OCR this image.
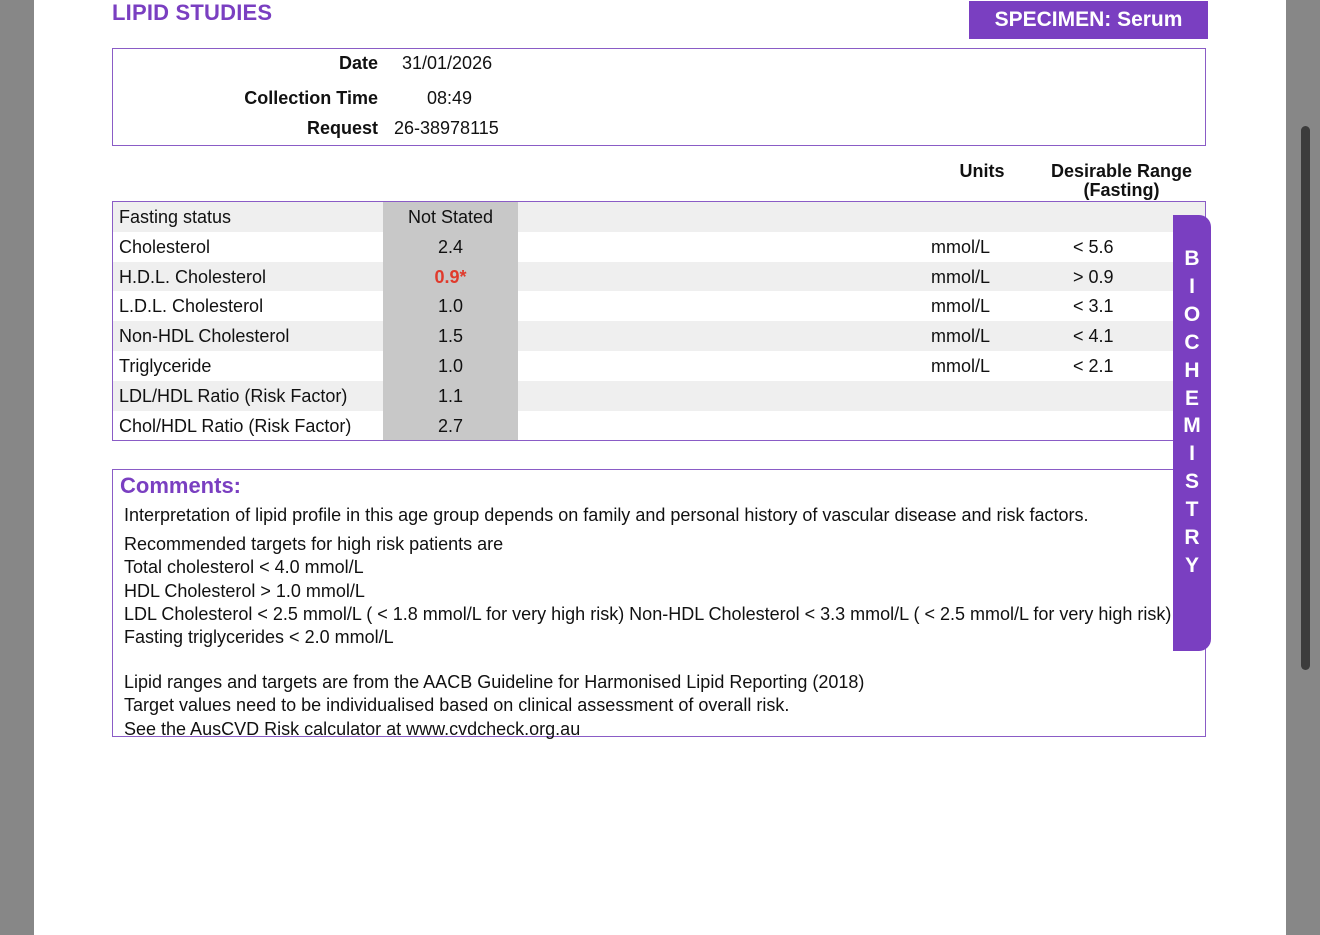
LIPID STUDIES	SPECIMEN: Serum
Date 31/01/2026
Collection Time	08:49
Request 26-38978115
Units	Desirable Range
(Fasting)
Fasting status	Not Stated
Cholesterol	2.4	mmol/L	< 5.6
H.D.L. Cholesterol	0.9*	mmol/L	> 0.9
L.D.L. Cholesterol	1.0	mmol/L	< 3.1
Non-HDL Cholesterol	1.5	mmol/L	< 4.1
Triglyceride	1.0	mmol/L	< 2.1
LDL/HDL Ratio (Risk Factor)	1.1
Chol/HDL Ratio (Risk Factor)	2.7
Comments:

Interpretation of lipid profile in this age group depends on family and personal history of vascular disease and risk factors.

Recommended targets for high risk patients are

Total cholesterol < 4.0 mmol/L

HDL Cholesterol > 1.0 mmol/L

LDL Cholesterol < 2.5 mmol/L ( < 1.8 mmol/L for very high risk) Non-HDL Cholesterol < 3.3 mmol/L ( < 2.5 mmol/L for very high risk) Fasting triglycerides < 2.0 mmol/L

Lipid ranges and targets are from the AACB Guideline for Harmonised Lipid Reporting (2018)

Target values need to be individualised based on clinical assessment of overall risk.

See the AusCVD Risk calculator at www.cvdcheck.org.au

B
I
O
C
H
E
M
I
S
T
R
Y
